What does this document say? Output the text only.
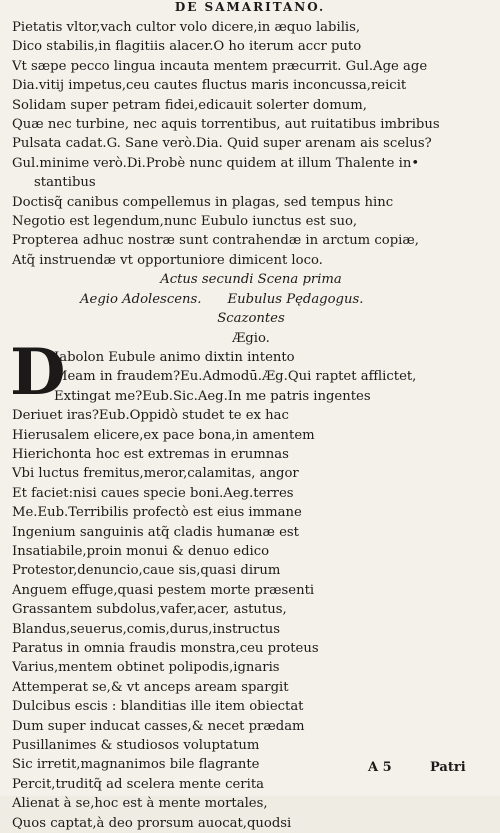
DE SAMARITANO.
Pietatis vltor,vach cultor volo dicere,in æquo labilis,
Dico stabilis,in flagitiis alacer.O ho iterum accr puto
Vt sæpe pecco lingua incauta mentem præcurrit. Gul.Age age
Dia.vitij impetus,ceu cautes fluctus maris inconcussa,reicit
Solidam super petram fidei,edicauit solerter domum,
Quæ nec turbine, nec aquis torrentibus, aut ruitatibus imbribus
Pulsata cadat.G. Sane verò.Dia. Quid super arenam ais scelus?
Gul.minime verò.Di.Probè nunc quidem at illum Thalente in•
stantibus
Doctisq̃ canibus compellemus in plagas, sed tempus hinc
Negotio est legendum,nunc Eubulo iunctus est suo,
Propterea adhuc nostræ sunt contrahendæ in arctum copiæ,
Atq̃ instruendæ vt opportuniore dimicent loco.
Actus secundi Scena prima
Aegio Adolescens. Eubulus Pędagogus.
Scazontes
Ægio.
D
Iabolon Eubule animo dixtin intento
Meam in fraudem?Eu.Admodū.Æg.Qui raptet afflictet,
Extingat me?Eub.Sic.Aeg.In me patris ingentes
Deriuet iras?Eub.Oppidò studet te ex hac
Hierusalem elicere,ex pace bona,in amentem
Hierichonta hoc est extremas in erumnas
Vbi luctus fremitus,meror,calamitas, angor
Et faciet:nisi caues specie boni.Aeg.terres
Me.Eub.Terribilis profectò est eius immane
Ingenium sanguinis atq̃ cladis humanæ est
Insatiabile,proin monui & denuo edico
Protestor,denuncio,caue sis,quasi dirum
Anguem effuge,quasi pestem morte præsenti
Grassantem subdolus,vafer,acer, astutus,
Blandus,seuerus,comis,durus,instructus
Paratus in omnia fraudis monstra,ceu proteus
Varius,mentem obtinet polipodis,ignaris
Attemperat se,& vt anceps aream spargit
Dulcibus escis : blanditias ille item obiectat
Dum super inducat casses,& necet prædam
Pusillanimes & studiosos voluptatum
Sic irretit,magnanimos bile flagrante
Percit,truditq̃ ad scelera mente cerita
Alienat à se,hoc est à mente mortales,
Quos captat,à deo prorsum auocat,quodsi
A 5	Patri
